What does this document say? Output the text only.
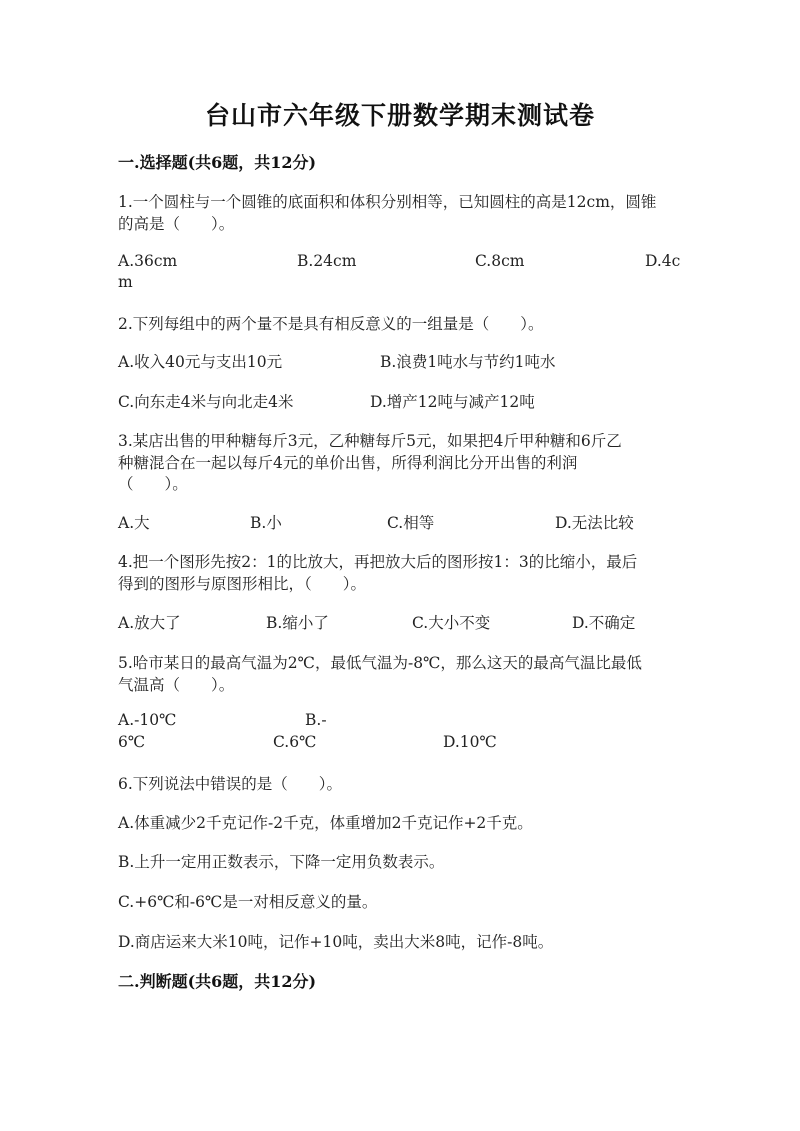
台山市六年级下册数学期末测试卷
一.选择题(共6题，共12分)
1.一个圆柱与一个圆锥的底面积和体积分别相等，已知圆柱的高是12cm，圆锥
的高是（　　）。
A.36cm	B.24cm	C.8cm	D.4c
m
2.下列每组中的两个量不是具有相反意义的一组量是（　　）。
A.收入40元与支出10元	B.浪费1吨水与节约1吨水
C.向东走4米与向北走4米	D.增产12吨与减产12吨
3.某店出售的甲种糖每斤3元，乙种糖每斤5元，如果把4斤甲种糖和6斤乙
种糖混合在一起以每斤4元的单价出售，所得利润比分开出售的利润
（　　）。
A.大	B.小	C.相等	D.无法比较
4.把一个图形先按2：1的比放大，再把放大后的图形按1：3的比缩小，最后
得到的图形与原图形相比，（　　）。
A.放大了	B.缩小了	C.大小不变	D.不确定
5.哈市某日的最高气温为2℃，最低气温为-8℃，那么这天的最高气温比最低
气温高（　　）。
A.-10℃	B.-
6℃	C.6℃	D.10℃
6.下列说法中错误的是（　　）。
A.体重减少2千克记作-2千克，体重增加2千克记作+2千克。
B.上升一定用正数表示，下降一定用负数表示。
C.+6℃和-6℃是一对相反意义的量。
D.商店运来大米10吨，记作+10吨，卖出大米8吨，记作-8吨。
二.判断题(共6题，共12分)
